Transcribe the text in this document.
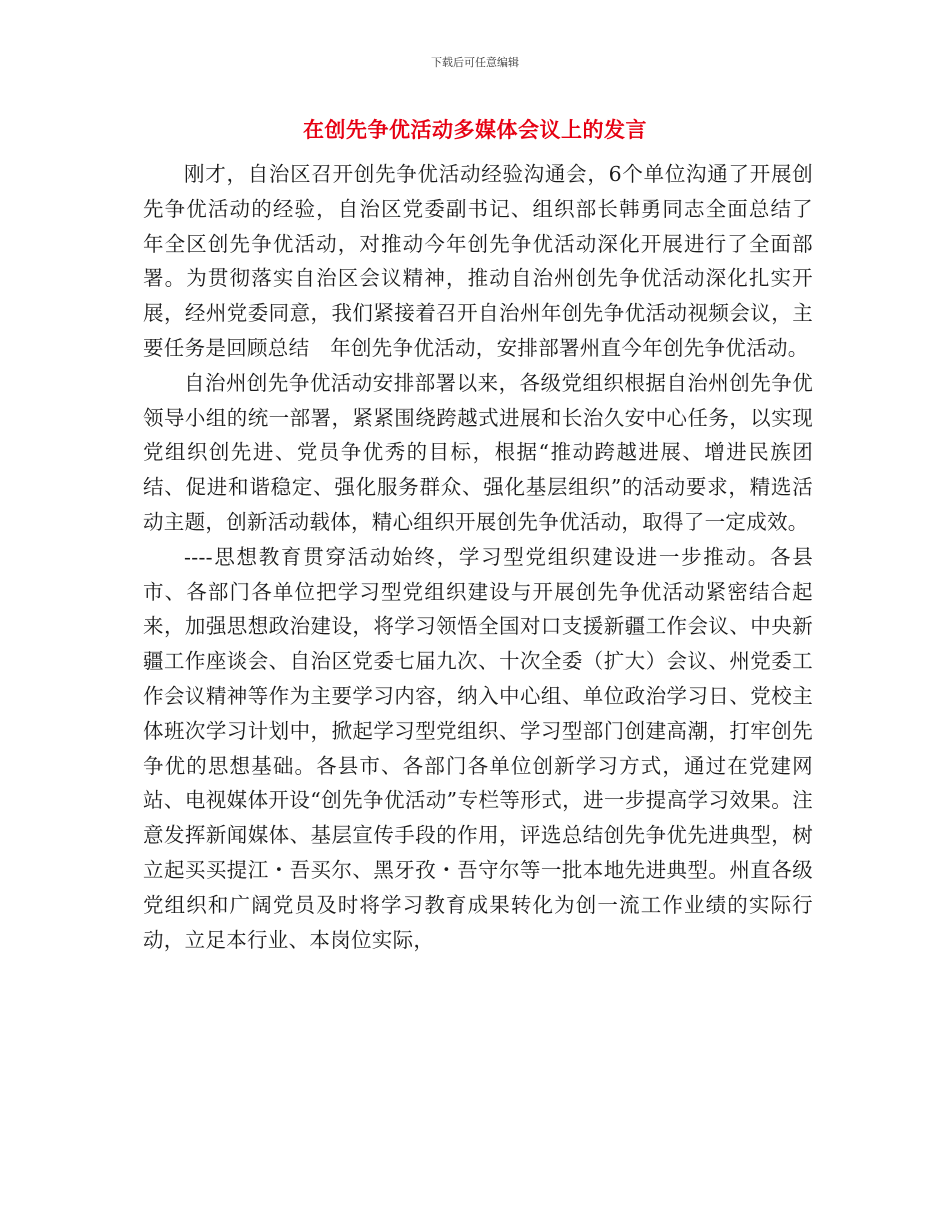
下载后可任意编辑
在创先争优活动多媒体会议上的发言

刚才，自治区召开创先争优活动经验沟通会，6个单位沟通了开展创先争优活动的经验，自治区党委副书记、组织部长韩勇同志全面总结了　年全区创先争优活动，对推动今年创先争优活动深化开展进行了全面部署。为贯彻落实自治区会议精神，推动自治州创先争优活动深化扎实开展，经州党委同意，我们紧接着召开自治州年创先争优活动视频会议，主要任务是回顾总结　年创先争优活动，安排部署州直今年创先争优活动。

自治州创先争优活动安排部署以来，各级党组织根据自治州创先争优领导小组的统一部署，紧紧围绕跨越式进展和长治久安中心任务，以实现党组织创先进、党员争优秀的目标，根据“推动跨越进展、增进民族团结、促进和谐稳定、强化服务群众、强化基层组织”的活动要求，精选活动主题，创新活动载体，精心组织开展创先争优活动，取得了一定成效。

----思想教育贯穿活动始终，学习型党组织建设进一步推动。各县市、各部门各单位把学习型党组织建设与开展创先争优活动紧密结合起来，加强思想政治建设，将学习领悟全国对口支援新疆工作会议、中央新疆工作座谈会、自治区党委七届九次、十次全委（扩大）会议、州党委工作会议精神等作为主要学习内容，纳入中心组、单位政治学习日、党校主体班次学习计划中，掀起学习型党组织、学习型部门创建高潮，打牢创先争优的思想基础。各县市、各部门各单位创新学习方式，通过在党建网站、电视媒体开设“创先争优活动”专栏等形式，进一步提高学习效果。注意发挥新闻媒体、基层宣传手段的作用，评选总结创先争优先进典型，树立起买买提江・吾买尔、黑牙孜・吾守尔等一批本地先进典型。州直各级党组织和广阔党员及时将学习教育成果转化为创一流工作业绩的实际行动，立足本行业、本岗位实际，
